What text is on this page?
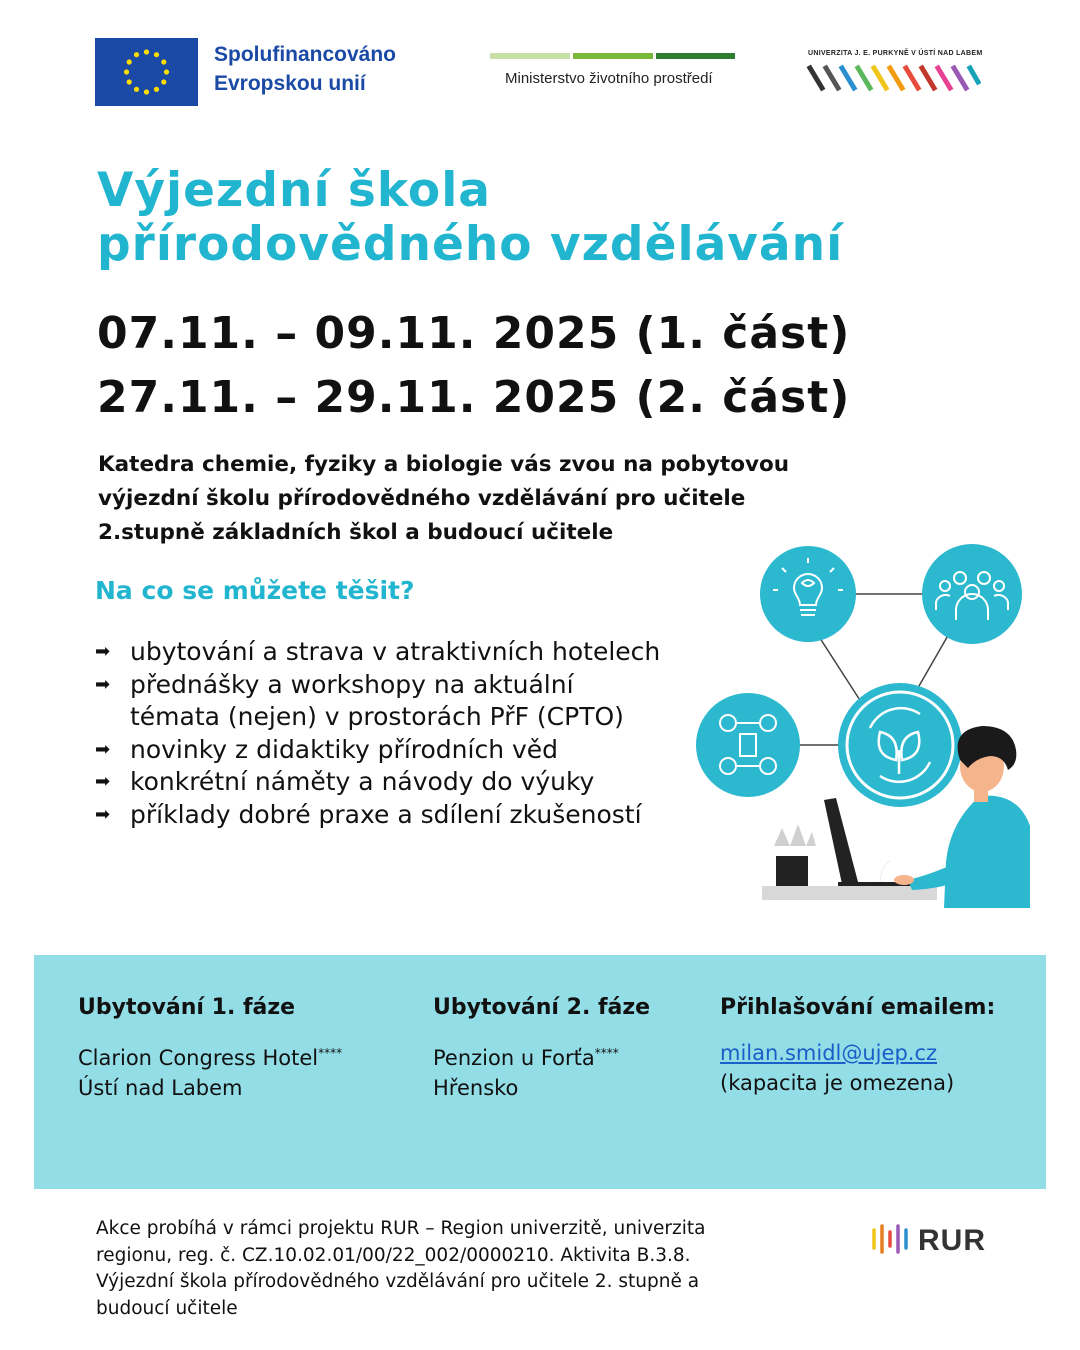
Spolufinancováno
Evropskou unií	Ministerstvo životního prostředí
UNIVERZITA J. E. PURKYNĚ V ÚSTÍ NAD LABEM
Výjezdní škola
přírodovědného vzdělávání
07.11. – 09.11. 2025 (1. část)
27.11. – 29.11. 2025 (2. část)
Katedra chemie, fyziky a biologie vás zvou na pobytovou
výjezdní školu přírodovědného vzdělávání pro učitele
2.stupně základních škol a budoucí učitele
Na co se můžete těšit?
➡ ubytování a strava v atraktivních hotelech
➡ přednášky a workshopy na aktuální
témata (nejen) v prostorách PřF (CPTO)
➡ novinky z didaktiky přírodních věd
➡ konkrétní náměty a návody do výuky
➡ příklady dobré praxe a sdílení zkušeností
Ubytování 1. fáze
Clarion Congress Hotel****
Ústí nad Labem
Ubytování 2. fáze
Penzion u Forťa****
Hřensko
Přihlašování emailem:
milan.smidl@ujep.cz
(kapacita je omezena)
Akce probíhá v rámci projektu RUR – Region univerzitě, univerzita
regionu, reg. č. CZ.10.02.01/00/22_002/0000210. Aktivita B.3.8.
Výjezdní škola přírodovědného vzdělávání pro učitele 2. stupně a
budoucí učitele
RUR
